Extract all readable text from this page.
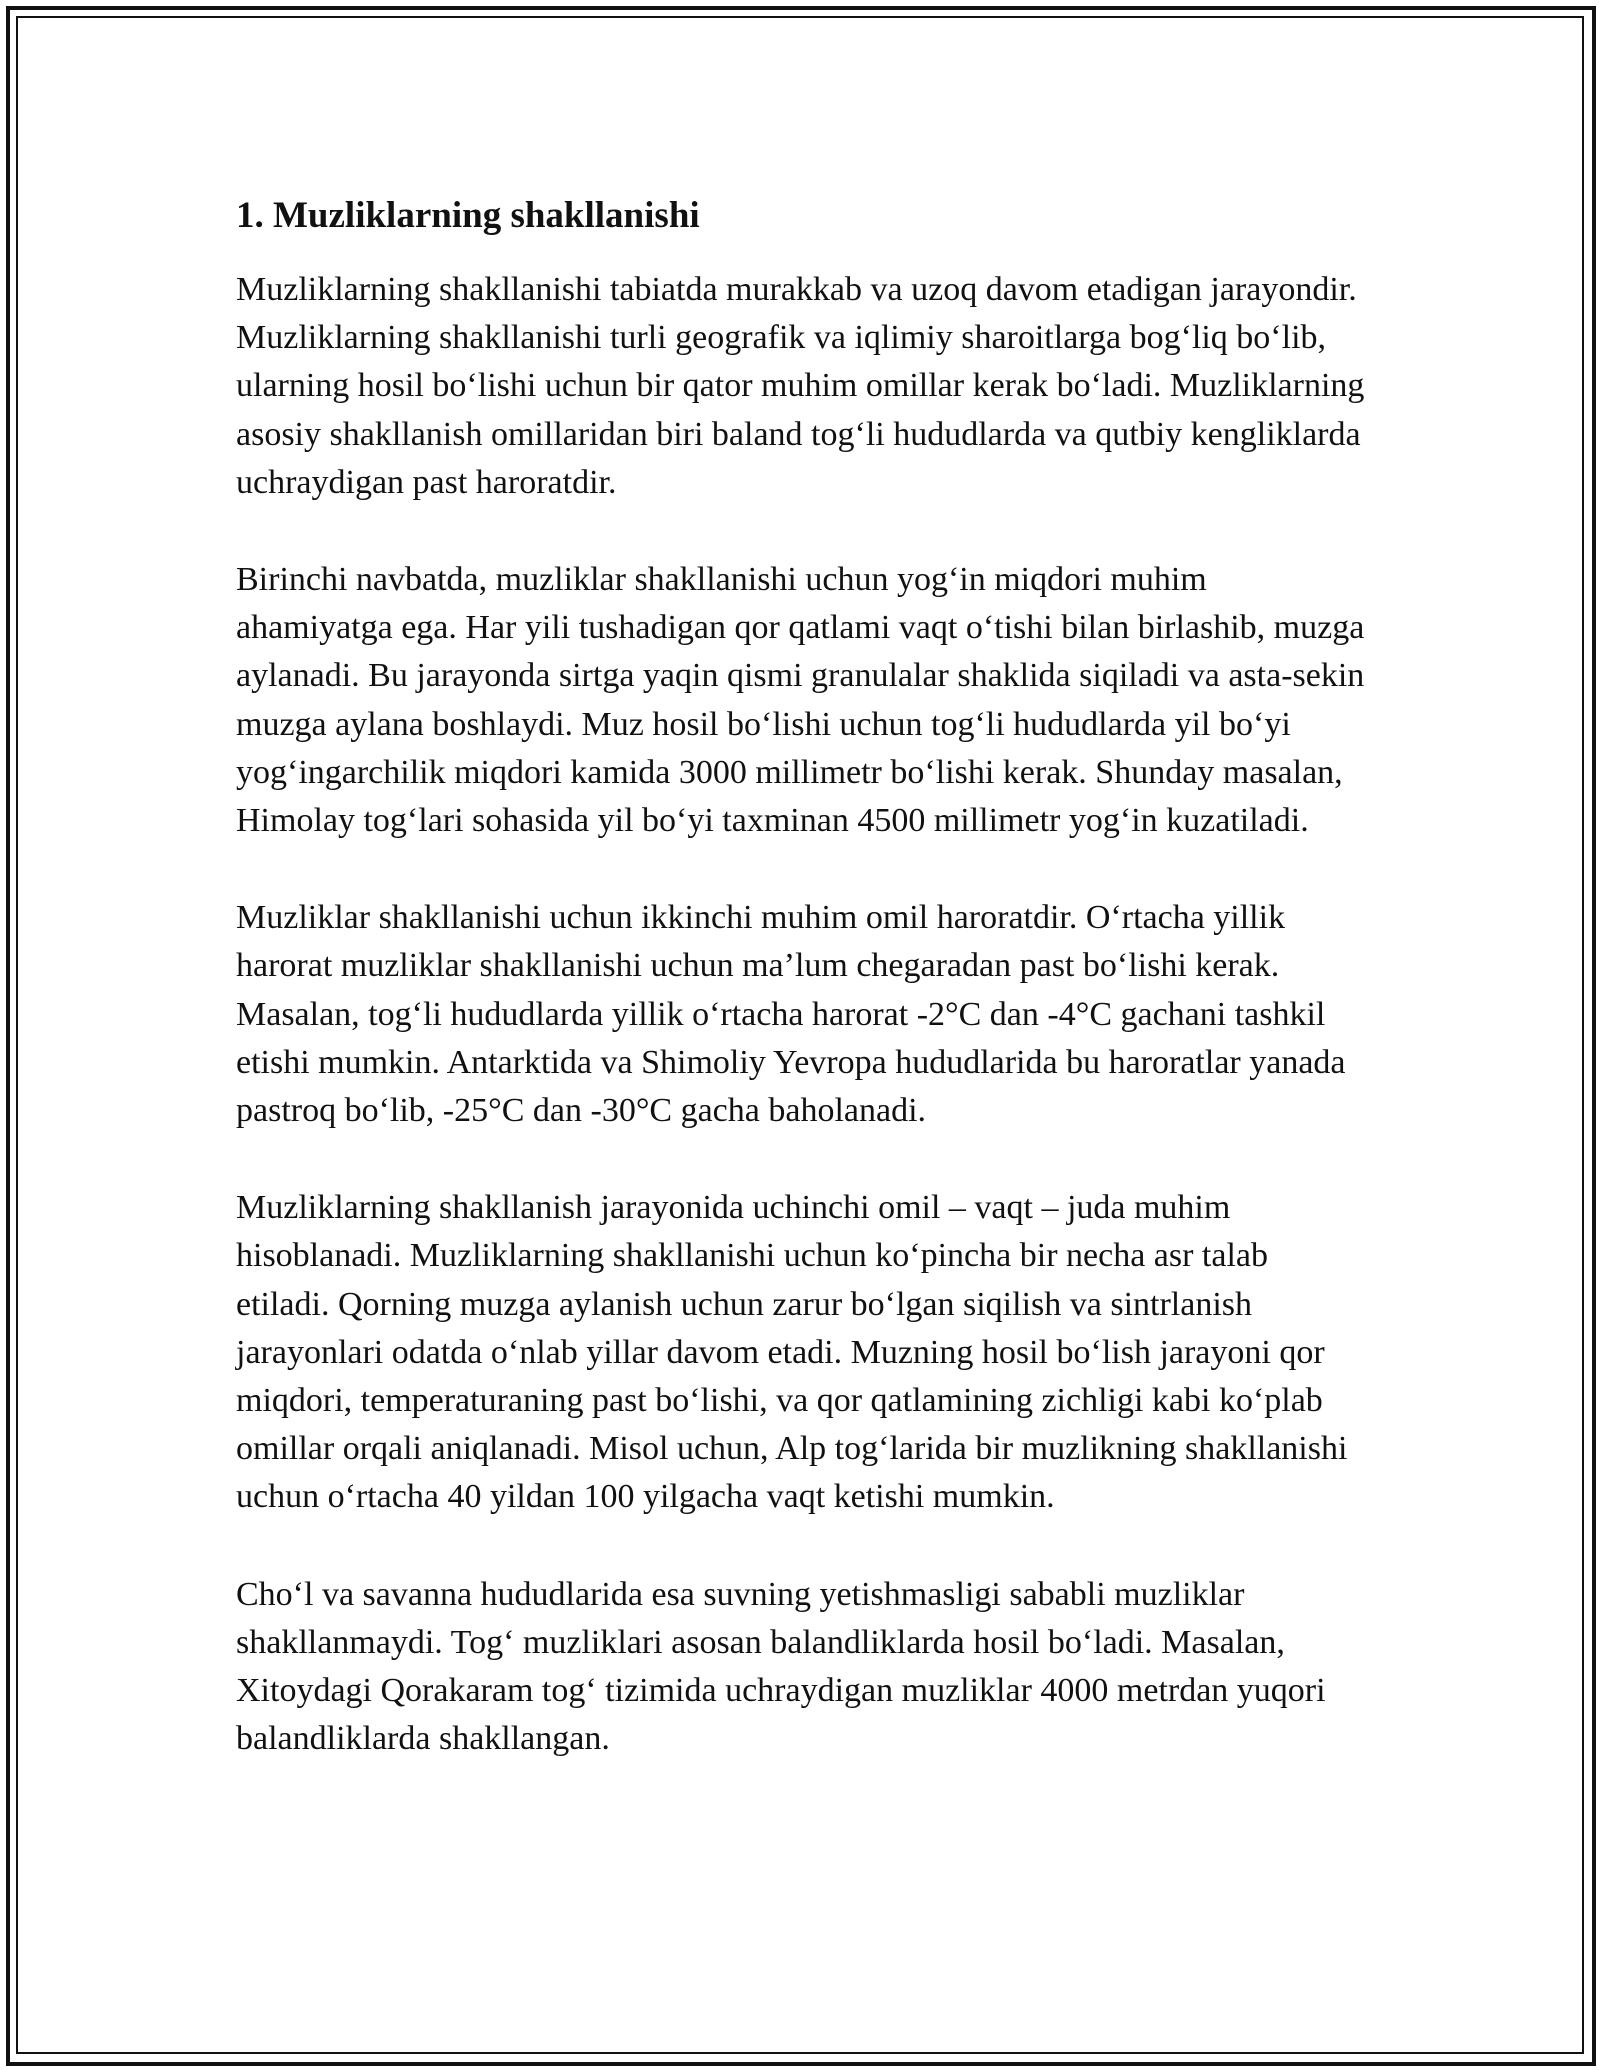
1. Muzliklarning shakllanishi

Muzliklarning shakllanishi tabiatda murakkab va uzoq davom etadigan jarayondir. Muzliklarning shakllanishi turli geografik va iqlimiy sharoitlarga bog‘liq bo‘lib, ularning hosil bo‘lishi uchun bir qator muhim omillar kerak bo‘ladi. Muzliklarning asosiy shakllanish omillaridan biri baland tog‘li hududlarda va qutbiy kengliklarda uchraydigan past haroratdir.

Birinchi navbatda, muzliklar shakllanishi uchun yog‘in miqdori muhim ahamiyatga ega. Har yili tushadigan qor qatlami vaqt o‘tishi bilan birlashib, muzga aylanadi. Bu jarayonda sirtga yaqin qismi granulalar shaklida siqiladi va asta-sekin muzga aylana boshlaydi. Muz hosil bo‘lishi uchun tog‘li hududlarda yil bo‘yi yog‘ingarchilik miqdori kamida 3000 millimetr bo‘lishi kerak. Shunday masalan, Himolay tog‘lari sohasida yil bo‘yi taxminan 4500 millimetr yog‘in kuzatiladi.

Muzliklar shakllanishi uchun ikkinchi muhim omil haroratdir. O‘rtacha yillik harorat muzliklar shakllanishi uchun ma’lum chegaradan past bo‘lishi kerak. Masalan, tog‘li hududlarda yillik o‘rtacha harorat -2°C dan -4°C gachani tashkil etishi mumkin. Antarktida va Shimoliy Yevropa hududlarida bu haroratlar yanada pastroq bo‘lib, -25°C dan -30°C gacha baholanadi.

Muzliklarning shakllanish jarayonida uchinchi omil – vaqt – juda muhim hisoblanadi. Muzliklarning shakllanishi uchun ko‘pincha bir necha asr talab etiladi. Qorning muzga aylanish uchun zarur bo‘lgan siqilish va sintrlanish jarayonlari odatda o‘nlab yillar davom etadi. Muzning hosil bo‘lish jarayoni qor miqdori, temperaturaning past bo‘lishi, va qor qatlamining zichligi kabi ko‘plab omillar orqali aniqlanadi. Misol uchun, Alp tog‘larida bir muzlikning shakllanishi uchun o‘rtacha 40 yildan 100 yilgacha vaqt ketishi mumkin.

Cho‘l va savanna hududlarida esa suvning yetishmasligi sababli muzliklar shakllanmaydi. Tog‘ muzliklari asosan balandliklarda hosil bo‘ladi. Masalan, Xitoydagi Qorakaram tog‘ tizimida uchraydigan muzliklar 4000 metrdan yuqori balandliklarda shakllangan.
